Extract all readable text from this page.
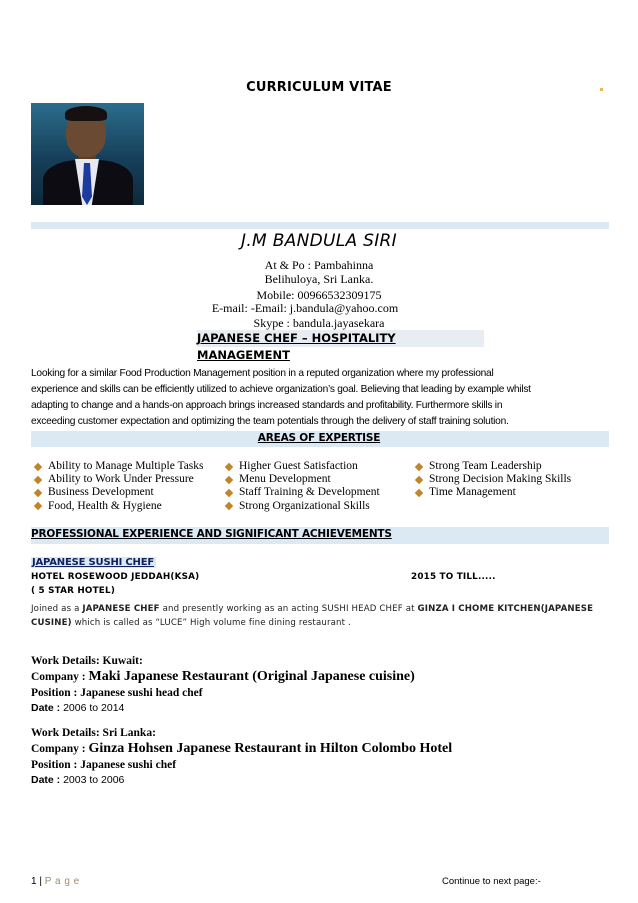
CURRICULUM VITAE
J.M BANDULA SIRI
At & Po : Pambahinna
Belihuloya, Sri Lanka.
Mobile: 00966532309175
E-mail: -Email: j.bandula@yahoo.com
Skype : bandula.jayasekara
JAPANESE CHEF – HOSPITALITY MANAGEMENT
Looking for a similar Food Production Management position in a reputed organization where my professional
experience and skills can be efficiently utilized to achieve organization’s goal. Believing that leading by example whilst
adapting to change and a hands-on approach brings increased standards and profitability. Furthermore skills in
exceeding customer expectation and optimizing the team potentials through the delivery of staff training solution.
AREAS OF EXPERTISE
Ability to Manage Multiple Tasks
Ability to Work Under Pressure
Business Development
Food, Health & Hygiene
Higher Guest Satisfaction
Menu Development
Staff Training & Development
Strong Organizational Skills
Strong Team Leadership
Strong Decision Making Skills
Time Management
PROFESSIONAL EXPERIENCE AND SIGNIFICANT ACHIEVEMENTS
JAPANESE SUSHI CHEF
HOTEL ROSEWOOD JEDDAH(KSA)	2015 TO TILL.....
( 5 STAR HOTEL)
Joined as a JAPANESE CHEF and presently working as an acting SUSHI HEAD CHEF at GINZA I CHOME KITCHEN(JAPANESE
CUSINE) which is called as “LUCE” High volume fine dining restaurant .
Work Details: Kuwait:
Company : Maki Japanese Restaurant (Original Japanese cuisine)
Position : Japanese sushi head chef
Date : 2006 to 2014
Work Details: Sri Lanka:
Company : Ginza Hohsen Japanese Restaurant in Hilton Colombo Hotel
Position : Japanese sushi chef
Date : 2003 to 2006
1 | P a g e	Continue to next page:-
